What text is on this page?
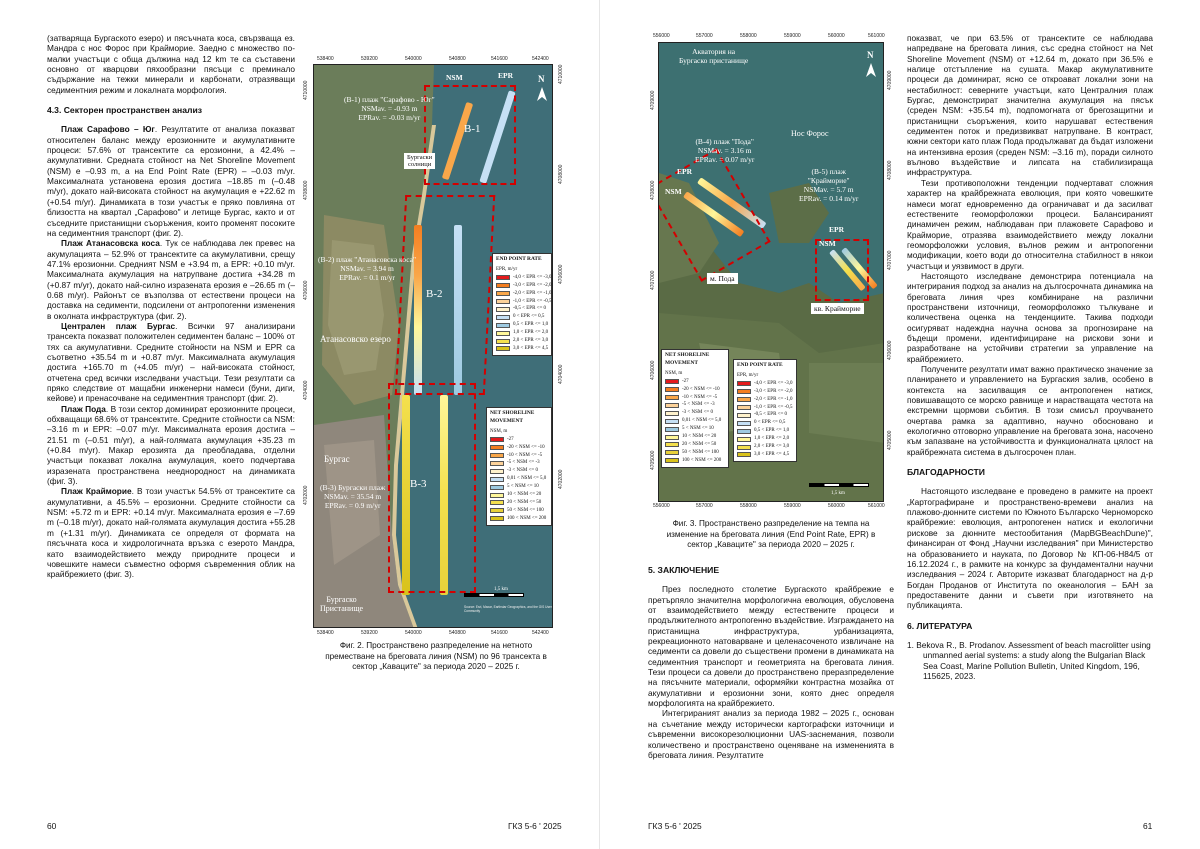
(затваряща Бургаското езеро) и пясъчната коса, свързваща ез. Мандра с нос Форос при Крайморие. Заедно с множество по-малки участъци с обща дължина над 12 km те са съставени основно от кварцови пяхообразни пясъци с преминало съдържание на тежки минерали и карбонати, отразяващи седиментния режим и локалната морфология.

4.3. Секторен пространствен анализ

Плаж Сарафово – Юг. Резултатите от анализа показват относителен баланс между ерозионните и акумулативните процеси: 57.6% от трансектите са ерозионни, а 42.4% – акумулативни. Средната стойност на Net Shoreline Movement (NSM) е –0.93 m, а на End Point Rate (EPR) – –0.03 m/yr. Максималната установена ерозия достига –18.85 m (–0.48 m/yr), докато най-високата стойност на акумулация е +22.62 m (+0.54 m/yr). Динамиката в този участък е пряко повлияна от близостта на квартал „Сарафово" и летище Бургас, както и от съседните пристанищни съоръжения, които променят посоките на седиментния транспорт (фиг. 2).

Плаж Атанасовска коса. Тук се наблюдава лек превес на акумулацията – 52.9% от трансектите са акумулативни, срещу 47.1% ерозионни. Средният NSM е +3.94 m, а EPR: +0.10 m/yr. Максималната акумулация на натрупване достига +34.28 m (+0.87 m/yr), докато най-силно изразената ерозия е –26.65 m (–0.68 m/yr). Районът се възползва от естествени процеси на доставка на седименти, подсилени от антропогенни изменения в околната инфраструктура (фиг. 2).

Централен плаж Бургас. Всички 97 анализирани трансекта показват положителен седиментен баланс – 100% от тях са акумулативни. Средните стойности на NSM и EPR са съответно +35.54 m и +0.87 m/yr. Максималната акумулация достига +165.70 m (+4.05 m/yr) – най-високата стойност, отчетена сред всички изследвани участъци. Тези резултати са пряко следствие от мащабни инженерни намеси (буни, диги, кейове) и пренасочване на седиментния транспорт (фиг. 2).

Плаж Пода. В този сектор доминират ерозионните процеси, обхващащи 68.6% от трансектите. Средните стойности са NSM: –3.16 m и EPR: –0.07 m/yr. Максималната ерозия достига –21.51 m (–0.51 m/yr), а най-голямата акумулация +35.23 m (+0.84 m/yr). Макар ерозията да преобладава, отделни участъци показват локална акумулация, което подчертава изразената пространствена нееднородност на динамиката (фиг. 3).

Плаж Крайморие. В този участък 54.5% от трансектите са акумулативни, а 45.5% – ерозионни. Средните стойности са NSM: +5.72 m и EPR: +0.14 m/yr. Максималната ерозия е –7.69 m (–0.18 m/yr), докато най-голямата акумулация достига +55.28 m (+1.31 m/yr). Динамиката се определя от формата на пясъчната коса и хидрологичната връзка с езерото Мандра, като взаимодействието между природните процеси и човешките намеси съвместно оформя съвременния облик на крайбрежието (фиг. 3).

538400	539200	540000	540800	541600	542400
538400	539200	540000	540800	541600	542400
4710000
4708000
4706000
4704000
4702000
4710000
4708000
4706000
4704000
4702000
NSM	EPR
B-1
B-2
B-3
(B-1) плаж "Сарафово - Юг"
NSMav. = -0.93 m
EPRav. = -0.03 m/yr
(B-2) плаж "Атанасовска коса"
NSMav. = 3.94 m
EPRav. = 0.1 m/yr
(B-3) Бургаски плаж
NSMav. = 35.54 m
EPRav. = 0.9 m/yr
Бургаски
солници
Атанасовско езеро
Бургас
Бургаско
Пристанище
N
END POINT RATE
EPR, m/yr
-4,0 < EPR <= -3,0
-3,0 < EPR <= -2,0
-2,0 < EPR <= -1,0
-1,0 < EPR <= -0,5
-0,5 < EPR <= 0
0 < EPR <= 0,5
0,5 < EPR <= 1,0
1,0 < EPR <= 2,0
2,0 < EPR <= 3,0
3,0 < EPR <= 4,5
NET SHORELINE MOVEMENT
NSM, m
-27
-20 < NSM <= -10
-10 < NSM <= -5
-5 < NSM <= -3
-3 < NSM <= 0
0,01 < NSM <= 5,0
5 < NSM <= 10
10 < NSM <= 20
20 < NSM <= 50
50 < NSM <= 100
100 < NSM <= 200
1,5 km
Source: Esri, Maxar, Earthstar Geographics, and the GIS User Community
Фиг. 2. Пространствено разпределение на нетното преместване на бреговата линия (NSM) по 96 трансекта в сектор „Каваците" за периода 2020 – 2025 г.
60	ГКЗ 5-6 ' 2025
556000	557000	558000	559000	560000	561000
556000	557000	558000	559000	560000	561000
4709000
4708000
4707000
4706000
4705000
4709000
4708000
4707000
4706000
4705000
Акватория на
Бургаско пристанище
Нос Форос
(B-4) плаж "Пода"
NSMav. = 3.16 m
EPRav. = 0.07 m/yr
(B-5) плаж
"Крайморие"
NSMav. = 5.7 m
EPRav. = 0.14 m/yr
NSM
EPR
NSM
EPR
м. Пода
кв. Крайморие
N
NET SHORELINE MOVEMENT
NSM, m
-27
-20 < NSM <= -10
-10 < NSM <= -5
-5 < NSM <= -3
-3 < NSM <= 0
0,01 < NSM <= 5,0
5 < NSM <= 10
10 < NSM <= 20
20 < NSM <= 50
50 < NSM <= 100
100 < NSM <= 200
END POINT RATE
EPR, m/yr
-4,0 < EPR <= -3,0
-3,0 < EPR <= -2,0
-2,0 < EPR <= -1,0
-1,0 < EPR <= -0,5
-0,5 < EPR <= 0
0 < EPR <= 0,5
0,5 < EPR <= 1,0
1,0 < EPR <= 2,0
2,0 < EPR <= 3,0
3,0 < EPR <= 4,5
1,5 km
Фиг. 3. Пространствено разпределение на темпа на изменение на бреговата линия (End Point Rate, EPR) в сектор „Каваците" за периода 2020 – 2025 г.
5. ЗАКЛЮЧЕНИЕ

През последното столетие Бургаското крайбрежие е претърпяло значителна морфологична еволюция, обусловена от взаимодействието между естествените процеси и продължителното антропогенно въздействие. Изграждането на пристанищна инфраструктура, урбанизацията, рекреационното натоварване и целенасоченото извличане на седименти са довели до съществени промени в динамиката на седиментния транспорт и геометрията на бреговата линия. Тези процеси са довели до пространствено преразпределение на пясъчните материали, оформяйки контрастна мозайка от акумулативни и ерозионни зони, която днес определя морфологията на крайбрежието.

Интегрираният анализ за периода 1982 – 2025 г., основан на съчетание между исторически картографски източници и съвременни високорезолюционни UAS-заснемания, позволи количествено и пространствено оценяване на измененията в бреговата линия. Резултатите

показват, че при 63.5% от трансектите се наблюдава напредване на бреговата линия, със средна стойност на Net Shoreline Movement (NSM) от +12.64 m, докато при 36.5% е налице отстъпление на сушата. Макар акумулативните процеси да доминират, ясно се откроават локални зони на нестабилност: северните участъци, като Централния плаж Бургас, демонстрират значителна акумулация на пясък (среден NSM: +35.54 m), подпомогната от брегозащитни и пристанищни съоръжения, които нарушават естествения седиментен поток и предизвикват натрупване. В контраст, южни сектори като плаж Пода продължават да бъдат изложени на интензивна ерозия (среден NSM: –3.16 m), поради силното вълново въздействие и липсата на стабилизираща инфраструктура.

Тези противоположни тенденции подчертават сложния характер на крайбрежната еволюция, при която човешките намеси могат едновременно да ограничават и да засилват естествените геоморфоложки процеси. Балансираният динамичен режим, наблюдаван при плажовете Сарафово и Крайморие, отразява взаимодействието между локални геоморфоложки условия, вълнов режим и антропогенни модификации, което води до относителна стабилност в някои участъци и уязвимост в други.

Настоящото изследване демонстрира потенциала на интегрирания подход за анализ на дългосрочната динамика на бреговата линия чрез комбиниране на различни пространствени източници, геоморфоложко тълкуване и количествена оценка на тенденциите. Такива подходи осигуряват надеждна научна основа за прогнозиране на бъдещи промени, идентифициране на рискови зони и разработване на устойчиви стратегии за управление на крайбрежието.

Получените резултати имат важно практическо значение за планирането и управлението на Бургаския залив, особено в контекста на засилващия се антропогенен натиск, повишаващото се морско равнище и нарастващата честота на екстремни щормови събития. В този смисъл проучването очертава рамка за адаптивно, научно обосновано и екологично отговорно управление на бреговата зона, насочено към запазване на устойчивостта и функционалната цялост на крайбрежната система в дългосрочен план.

БЛАГОДАРНОСТИ

Настоящото изследване е проведено в рамките на проект „Картографиране и пространствено-времеви анализ на плажово-дюнните системи по Южното Българско Черноморско крайбрежие: еволюция, антропогенен натиск и екологични рискове за дюнните местообитания (MapBGBeachDune)", финансиран от Фонд „Научни изследвания" при Министерство на образованието и науката, по Договор № КП-06-Н84/5 от 16.12.2024 г., в рамките на конкурс за фундаментални научни изследвания – 2024 г. Авторите изказват благодарност на д-р Богдан Проданов от Института по океанология – БАН за предоставените данни и съвети при изготвянето на публикацията.

6. ЛИТЕРАТУРА

1. Bekova R., B. Prodanov. Assessment of beach macrolitter using unmanned aerial systems: a study along the Bulgarian Black Sea Coast, Marine Pollution Bulletin, United Kingdom, 196, 115625, 2023.

ГКЗ 5-6 ' 2025	61
